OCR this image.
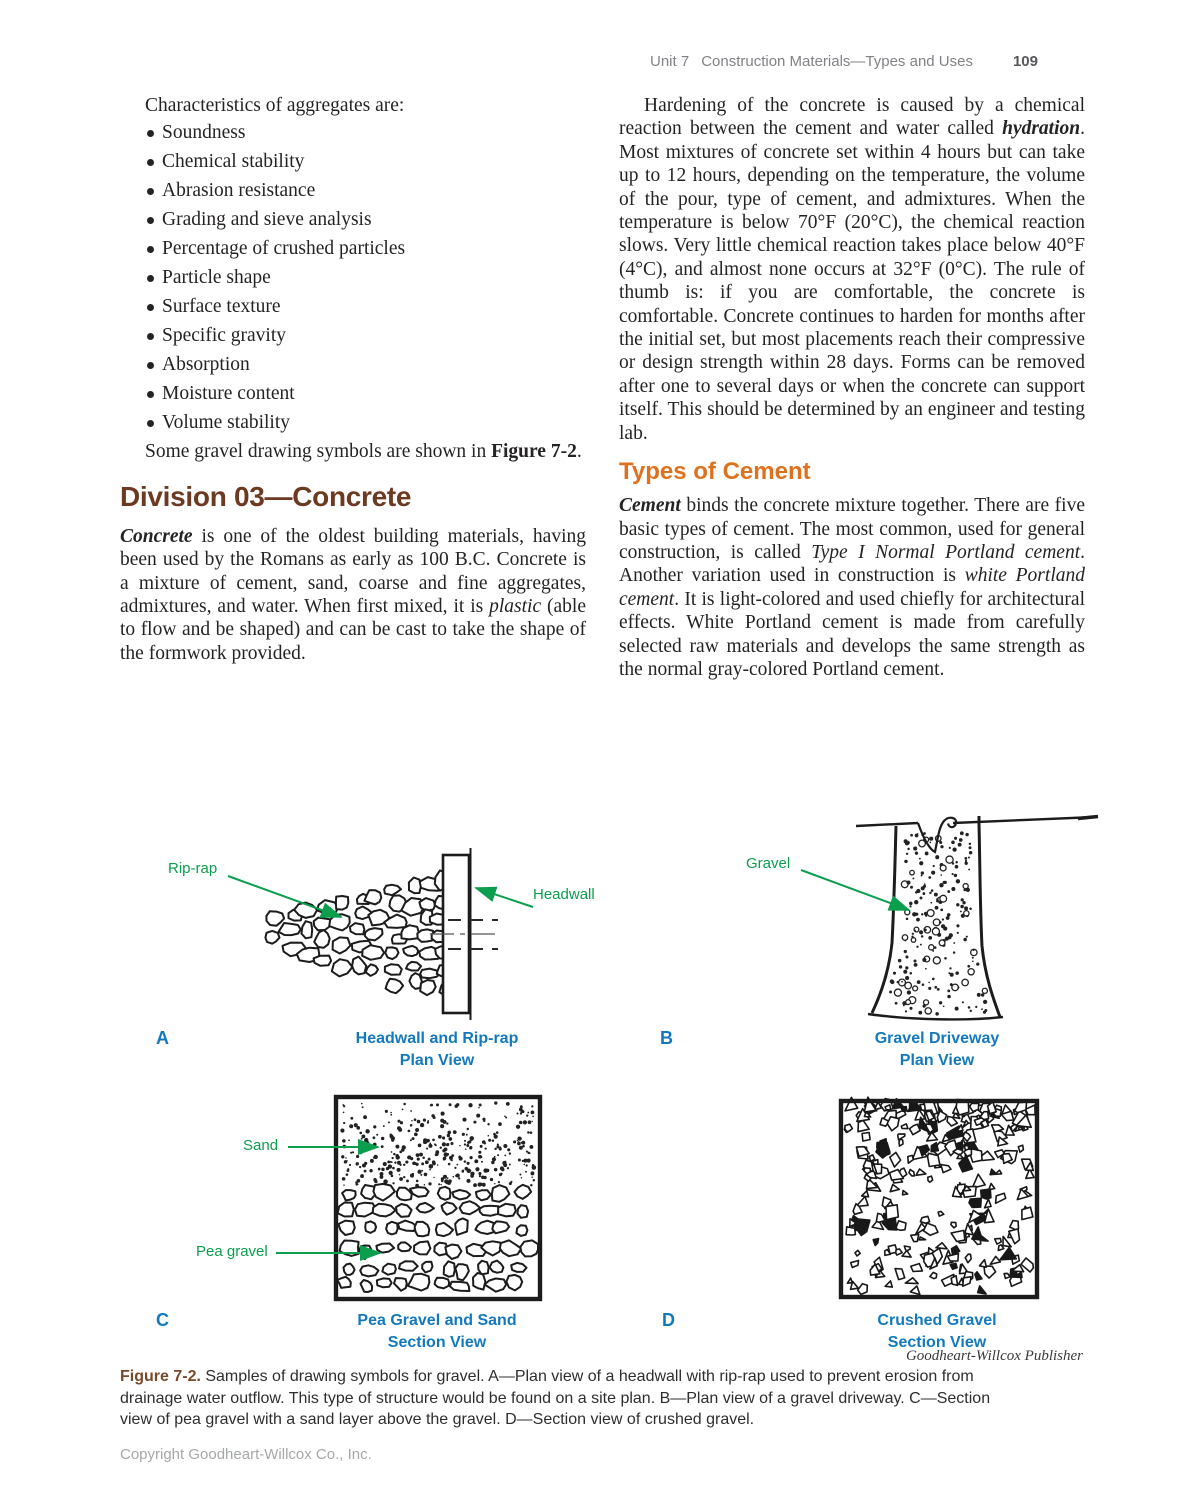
Unit 7 Construction Materials—Types and Uses	109

Characteristics of aggregates are:

Soundness
Chemical stability
Abrasion resistance
Grading and sieve analysis
Percentage of crushed particles
Particle shape
Surface texture
Specific gravity
Absorption
Moisture content
Volume stability

Some gravel drawing symbols are shown in Figure 7-2.

Division 03—Concrete

Concrete is one of the oldest building materials, having been used by the Romans as early as 100 B.C. Concrete is a mixture of cement, sand, coarse and fine aggregates, admixtures, and water. When first mixed, it is plastic (able to flow and be shaped) and can be cast to take the shape of the formwork provided.

Hardening of the concrete is caused by a chemical reaction between the cement and water called hydration. Most mixtures of concrete set within 4 hours but can take up to 12 hours, depending on the temperature, the volume of the pour, type of cement, and admixtures. When the temperature is below 70°F (20°C), the chemical reaction slows. Very little chemical reaction takes place below 40°F (4°C), and almost none occurs at 32°F (0°C). The rule of thumb is: if you are comfortable, the concrete is comfortable. Concrete continues to harden for months after the initial set, but most placements reach their compressive or design strength within 28 days. Forms can be removed after one to several days or when the concrete can support itself. This should be determined by an engineer and testing lab.

Types of Cement

Cement binds the concrete mixture together. There are five basic types of cement. The most common, used for general construction, is called Type I Normal Portland cement. Another variation used in construction is white Portland cement. It is light-colored and used chiefly for architectural effects. White Portland cement is made from carefully selected raw materials and develops the same strength as the normal gray-colored Portland cement.

Rip-rap
Headwall
Gravel
Sand
Pea gravel
A	Headwall and Rip-rap
Plan View
B	Gravel Driveway
Plan View
C	Pea Gravel and Sand
Section View
D	Crushed Gravel
Section View
Goodheart-Willcox Publisher
Figure 7-2. Samples of drawing symbols for gravel. A—Plan view of a headwall with rip-rap used to prevent erosion from drainage water outflow. This type of structure would be found on a site plan. B—Plan view of a gravel driveway. C—Section view of pea gravel with a sand layer above the gravel. D—Section view of crushed gravel.
Copyright Goodheart-Willcox Co., Inc.
